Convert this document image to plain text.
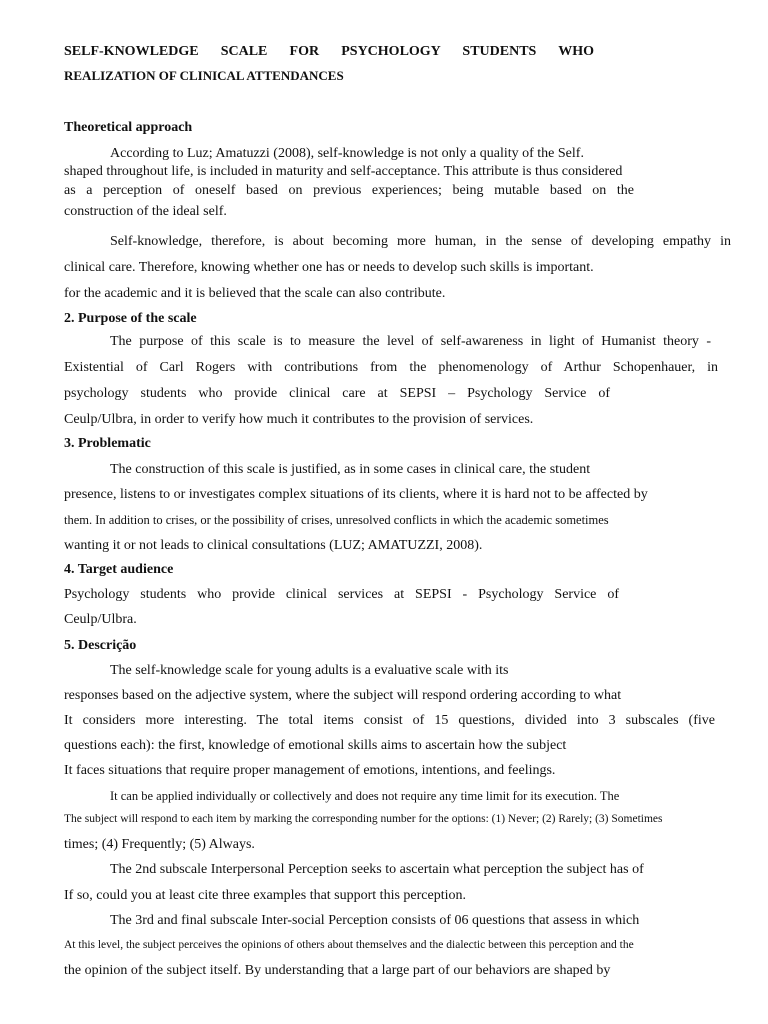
SELF-KNOWLEDGE SCALE FOR PSYCHOLOGY STUDENTS WHO
REALIZATION OF CLINICAL ATTENDANCES
Theoretical approach
According to Luz; Amatuzzi (2008), self-knowledge is not only a quality of the Self.
shaped throughout life, is included in maturity and self-acceptance. This attribute is thus considered
as a perception of oneself based on previous experiences; being mutable based on the
construction of the ideal self.
Self-knowledge, therefore, is about becoming more human, in the sense of developing empathy in
clinical care. Therefore, knowing whether one has or needs to develop such skills is important.
for the academic and it is believed that the scale can also contribute.
2. Purpose of the scale
The purpose of this scale is to measure the level of self-awareness in light of Humanist theory -
Existential of Carl Rogers with contributions from the phenomenology of Arthur Schopenhauer, in
psychology students who provide clinical care at SEPSI – Psychology Service of
Ceulp/Ulbra, in order to verify how much it contributes to the provision of services.
3. Problematic
The construction of this scale is justified, as in some cases in clinical care, the student
presence, listens to or investigates complex situations of its clients, where it is hard not to be affected by
them. In addition to crises, or the possibility of crises, unresolved conflicts in which the academic sometimes
wanting it or not leads to clinical consultations (LUZ; AMATUZZI, 2008).
4. Target audience
Psychology students who provide clinical services at SEPSI - Psychology Service of
Ceulp/Ulbra.
5. Descrição
The self-knowledge scale for young adults is a evaluative scale with its
responses based on the adjective system, where the subject will respond ordering according to what
It considers more interesting. The total items consist of 15 questions, divided into 3 subscales (five
questions each): the first, knowledge of emotional skills aims to ascertain how the subject
It faces situations that require proper management of emotions, intentions, and feelings.
It can be applied individually or collectively and does not require any time limit for its execution. The
The subject will respond to each item by marking the corresponding number for the options: (1) Never; (2) Rarely; (3) Sometimes
times; (4) Frequently; (5) Always.
The 2nd subscale Interpersonal Perception seeks to ascertain what perception the subject has of
If so, could you at least cite three examples that support this perception.
The 3rd and final subscale Inter-social Perception consists of 06 questions that assess in which
At this level, the subject perceives the opinions of others about themselves and the dialectic between this perception and the
the opinion of the subject itself. By understanding that a large part of our behaviors are shaped by
